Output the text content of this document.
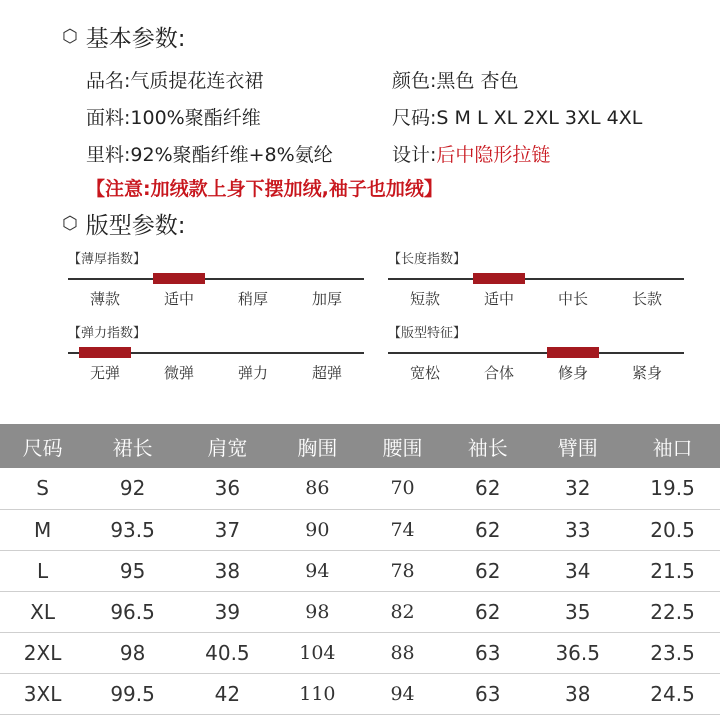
⬡ 基本参数:
品名:气质提花连衣裙	颜色:黑色 杏色
面料:100%聚酯纤维	尺码:S M L XL 2XL 3XL 4XL
里料:92%聚酯纤维+8%氨纶	设计:后中隐形拉链
【注意:加绒款上身下摆加绒,袖子也加绒】
⬡ 版型参数:
【薄厚指数】
薄款	适中	稍厚	加厚
【长度指数】
短款	适中	中长	长款
【弹力指数】
无弹	微弹	弹力	超弹
【版型特征】
宽松	合体	修身	紧身
尺码	裙长	肩宽	胸围	腰围	袖长	臂围	袖口
S	92	36	86	70	62	32	19.5
M	93.5	37	90	74	62	33	20.5
L	95	38	94	78	62	34	21.5
XL	96.5	39	98	82	62	35	22.5
2XL	98	40.5	104	88	63	36.5	23.5
3XL	99.5	42	110	94	63	38	24.5
